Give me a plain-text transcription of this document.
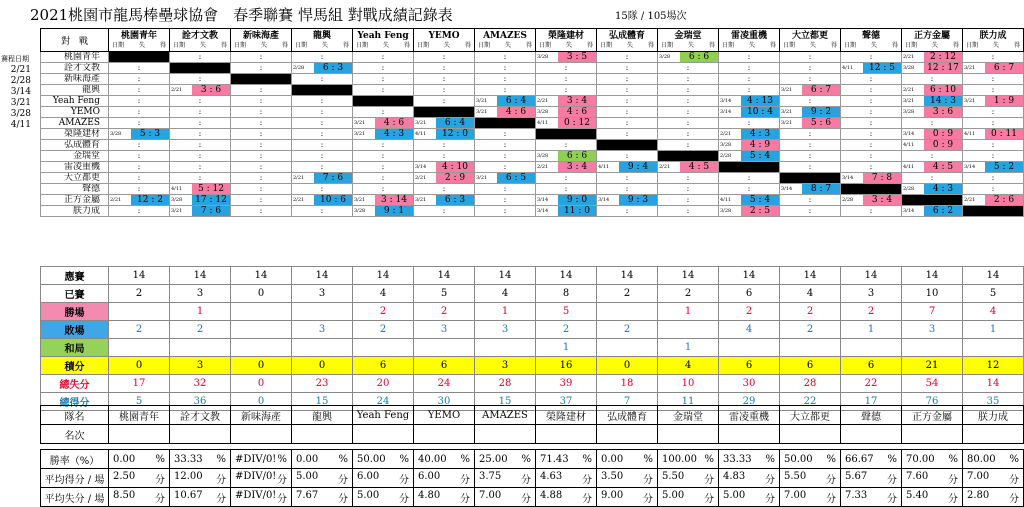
2021桃園市龍馬棒壘球協會　春季聯賽 悍馬組 對戰成績記錄表	15隊 / 105場次
賽程日期
2/21
2/28
3/14
3/21
3/28
4/11
對　戰	桃園青年
日期 失 得	詮才文教
日期 失 得	新味海產
日期 失 得	龍興
日期 失 得	Yeah Feng
日期 失 得	YEMO
日期 失 得	AMAZES
日期 失 得	榮隆建材
日期 失 得	弘成體育
日期 失 得	金瑞堂
日期 失 得	雷凌重機
日期 失 得	大立都更
日期 失 得	聲德
日期 失 得	正方金屬
日期 失 得	朕力成
日期 失 得

桃園青年		:	:	:	:	:	:	3/28 3 : 5	:	3/28 6 : 6	:	:	:	2/21 2 : 12	:

詮才文教	:		:	2/28 6 : 3	:	:	:	:	:	:	:	:	4/11 12 : 5	3/28 12 : 17	3/21 6 : 7

新味海產	:	:		:	:	:	:	:	:	:	:	:	:	:	:

龍興	:	2/21 3 : 6	:		:	:	:	:	:	:	:	3/21 6 : 7	:	2/21 6 : 10	:

Yeah Feng	:	:	:	:		:	3/21 6 : 4	2/21 3 : 4	:	:	3/14 4 : 13	:	:	3/21 14 : 3	3/21 1 : 9

YEMO	:	:	:	:	:		3/21 4 : 6	3/28 4 : 6	:	:	3/14 10 : 4	3/21 9 : 2	:	3/28 3 : 6	:

AMAZES	:	:	:	:	3/21 4 : 6	3/21 6 : 4		4/11 0 : 12	:	:	:	3/21 5 : 6	:	:	:

榮隆建材	3/28 5 : 3	:	:	:	3/21 4 : 3	4/11 12 : 0	:		:	:	2/21 4 : 3	:	:	3/14 0 : 9	4/11 0 : 11

弘成體育	:	:	:	:	:	:	:	:		:	3/28 4 : 9	:	:	4/11 0 : 9	:

金瑞堂	:	:	:	:	:	:	:	3/28 6 : 6	:		2/28 5 : 4	:	:	:	:

雷凌重機	:	:	:	:	:	3/14 4 : 10	:	2/21 3 : 4	4/11 9 : 4	2/21 4 : 5		:	:	4/11 4 : 5	3/14 5 : 2

大立都更	:	:	:	2/21 7 : 6	:	2/21 2 : 9	3/21 6 : 5	:	:	:	:		3/14 7 : 8	:	:

聲德	:	4/11 5 : 12	:	:	:	:	:	:	:	:	:	3/14 8 : 7		2/28 4 : 3	:

正方金屬	2/21 12 : 2	3/28 17 : 12	:	2/21 10 : 6	3/21 3 : 14	3/21 6 : 3	:	3/14 9 : 0	3/14 9 : 3	:	4/11 5 : 4	:	2/28 3 : 4		2/21 2 : 6

朕力成	:	3/21 7 : 6	:	:	3/28 9 : 1	:	:	3/14 11 : 0	:	:	3/28 2 : 5	:	:	3/14 6 : 2	

應賽	14	14	14	14	14	14	14	14	14	14	14	14	14	14	14
已賽	2	3	0	3	4	5	4	8	2	2	6	4	3	10	5
勝場		1			2	2	1	5		1	2	2	2	7	4
敗場	2	2		3	2	3	3	2	2		4	2	1	3	1
和局								1		1					
積分	0	3	0	0	6	6	3	16	0	4	6	6	6	21	12
總失分	17	32	0	23	20	24	28	39	18	10	30	28	22	54	14
總得分	5	36	0	15	24	30	15	37	7	11	29	22	17	76	35
隊名	桃園青年	詮才文教	新味海產	龍興	Yeah Feng	YEMO	AMAZES	榮隆建材	弘成體育	金瑞堂	雷凌重機	大立都更	聲德	正方金屬	朕力成
名次															

勝率（%）	0.00 %	33.33 %	#DIV/0! %	0.00 %	50.00 %	40.00 %	25.00 %	71.43 %	0.00 %	100.00 %	33.33 %	50.00 %	66.67 %	70.00 %	80.00 %

平均得分 / 場	2.50 分	12.00 分	#DIV/0! 分	5.00 分	6.00 分	6.00 分	3.75 分	4.63 分	3.50 分	5.50 分	4.83 分	5.50 分	5.67 分	7.60 分	7.00 分

平均失分 / 場	8.50 分	10.67 分	#DIV/0! 分	7.67 分	5.00 分	4.80 分	7.00 分	4.88 分	9.00 分	5.00 分	5.00 分	7.00 分	7.33 分	5.40 分	2.80 分
